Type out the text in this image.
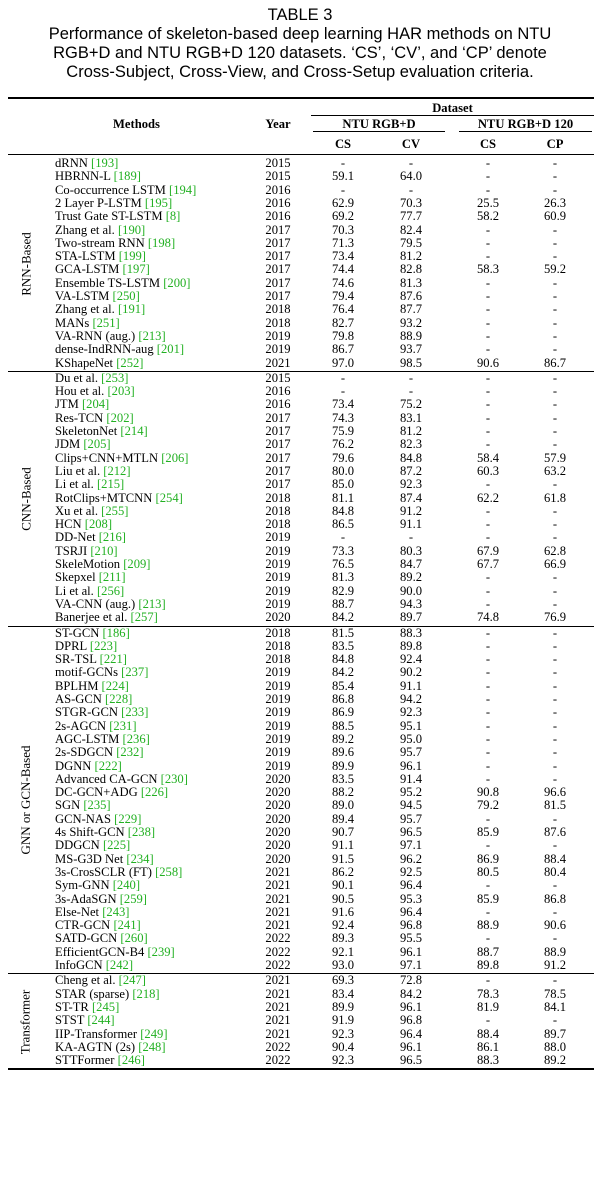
TABLE 3
Performance of skeleton-based deep learning HAR methods on NTU
RGB+D and NTU RGB+D 120 datasets. ‘CS’, ‘CV’, and ‘CP’ denote
Cross-Subject, Cross-View, and Cross-Setup evaluation criteria.
Methods	Year
Dataset
NTU RGB+D	NTU RGB+D 120
CS	CV	CS	CP
dRNN [193]	2015	-	-	-	-
HBRNN-L [189]	2015	59.1	64.0	-	-
Co-occurrence LSTM [194]	2016	-	-	-	-
2 Layer P-LSTM [195]	2016	62.9	70.3	25.5	26.3
Trust Gate ST-LSTM [8]	2016	69.2	77.7	58.2	60.9
Zhang et al. [190]	2017	70.3	82.4	-	-
Two-stream RNN [198]	2017	71.3	79.5	-	-
STA-LSTM [199]	2017	73.4	81.2	-	-
GCA-LSTM [197]	2017	74.4	82.8	58.3	59.2
Ensemble TS-LSTM [200]	2017	74.6	81.3	-	-
VA-LSTM [250]	2017	79.4	87.6	-	-
Zhang et al. [191]	2018	76.4	87.7	-	-
MANs [251]	2018	82.7	93.2	-	-
VA-RNN (aug.) [213]	2019	79.8	88.9	-	-
dense-IndRNN-aug [201]	2019	86.7	93.7	-	-
KShapeNet [252]	2021	97.0	98.5	90.6	86.7
RNN-Based
Du et al. [253]	2015	-	-	-	-
Hou et al. [203]	2016	-	-	-	-
JTM [204]	2016	73.4	75.2	-	-
Res-TCN [202]	2017	74.3	83.1	-	-
SkeletonNet [214]	2017	75.9	81.2	-	-
JDM [205]	2017	76.2	82.3	-	-
Clips+CNN+MTLN [206]	2017	79.6	84.8	58.4	57.9
Liu et al. [212]	2017	80.0	87.2	60.3	63.2
Li et al. [215]	2017	85.0	92.3	-	-
RotClips+MTCNN [254]	2018	81.1	87.4	62.2	61.8
Xu et al. [255]	2018	84.8	91.2	-	-
HCN [208]	2018	86.5	91.1	-	-
DD-Net [216]	2019	-	-	-	-
TSRJI [210]	2019	73.3	80.3	67.9	62.8
SkeleMotion [209]	2019	76.5	84.7	67.7	66.9
Skepxel [211]	2019	81.3	89.2	-	-
Li et al. [256]	2019	82.9	90.0	-	-
VA-CNN (aug.) [213]	2019	88.7	94.3	-	-
Banerjee et al. [257]	2020	84.2	89.7	74.8	76.9
CNN-Based
ST-GCN [186]	2018	81.5	88.3	-	-
DPRL [223]	2018	83.5	89.8	-	-
SR-TSL [221]	2018	84.8	92.4	-	-
motif-GCNs [237]	2019	84.2	90.2	-	-
BPLHM [224]	2019	85.4	91.1	-	-
AS-GCN [228]	2019	86.8	94.2	-	-
STGR-GCN [233]	2019	86.9	92.3	-	-
2s-AGCN [231]	2019	88.5	95.1	-	-
AGC-LSTM [236]	2019	89.2	95.0	-	-
2s-SDGCN [232]	2019	89.6	95.7	-	-
DGNN [222]	2019	89.9	96.1	-	-
Advanced CA-GCN [230]	2020	83.5	91.4	-	-
DC-GCN+ADG [226]	2020	88.2	95.2	90.8	96.6
SGN [235]	2020	89.0	94.5	79.2	81.5
GCN-NAS [229]	2020	89.4	95.7	-	-
4s Shift-GCN [238]	2020	90.7	96.5	85.9	87.6
DDGCN [225]	2020	91.1	97.1	-	-
MS-G3D Net [234]	2020	91.5	96.2	86.9	88.4
3s-CrosSCLR (FT) [258]	2021	86.2	92.5	80.5	80.4
Sym-GNN [240]	2021	90.1	96.4	-	-
3s-AdaSGN [259]	2021	90.5	95.3	85.9	86.8
Else-Net [243]	2021	91.6	96.4	-	-
CTR-GCN [241]	2021	92.4	96.8	88.9	90.6
SATD-GCN [260]	2022	89.3	95.5	-	-
EfficientGCN-B4 [239]	2022	92.1	96.1	88.7	88.9
InfoGCN [242]	2022	93.0	97.1	89.8	91.2
GNN or GCN-Based
Cheng et al. [247]	2021	69.3	72.8	-	-
STAR (sparse) [218]	2021	83.4	84.2	78.3	78.5
ST-TR [245]	2021	89.9	96.1	81.9	84.1
STST [244]	2021	91.9	96.8	-	-
IIP-Transformer [249]	2021	92.3	96.4	88.4	89.7
KA-AGTN (2s) [248]	2022	90.4	96.1	86.1	88.0
STTFormer [246]	2022	92.3	96.5	88.3	89.2
Transformer
